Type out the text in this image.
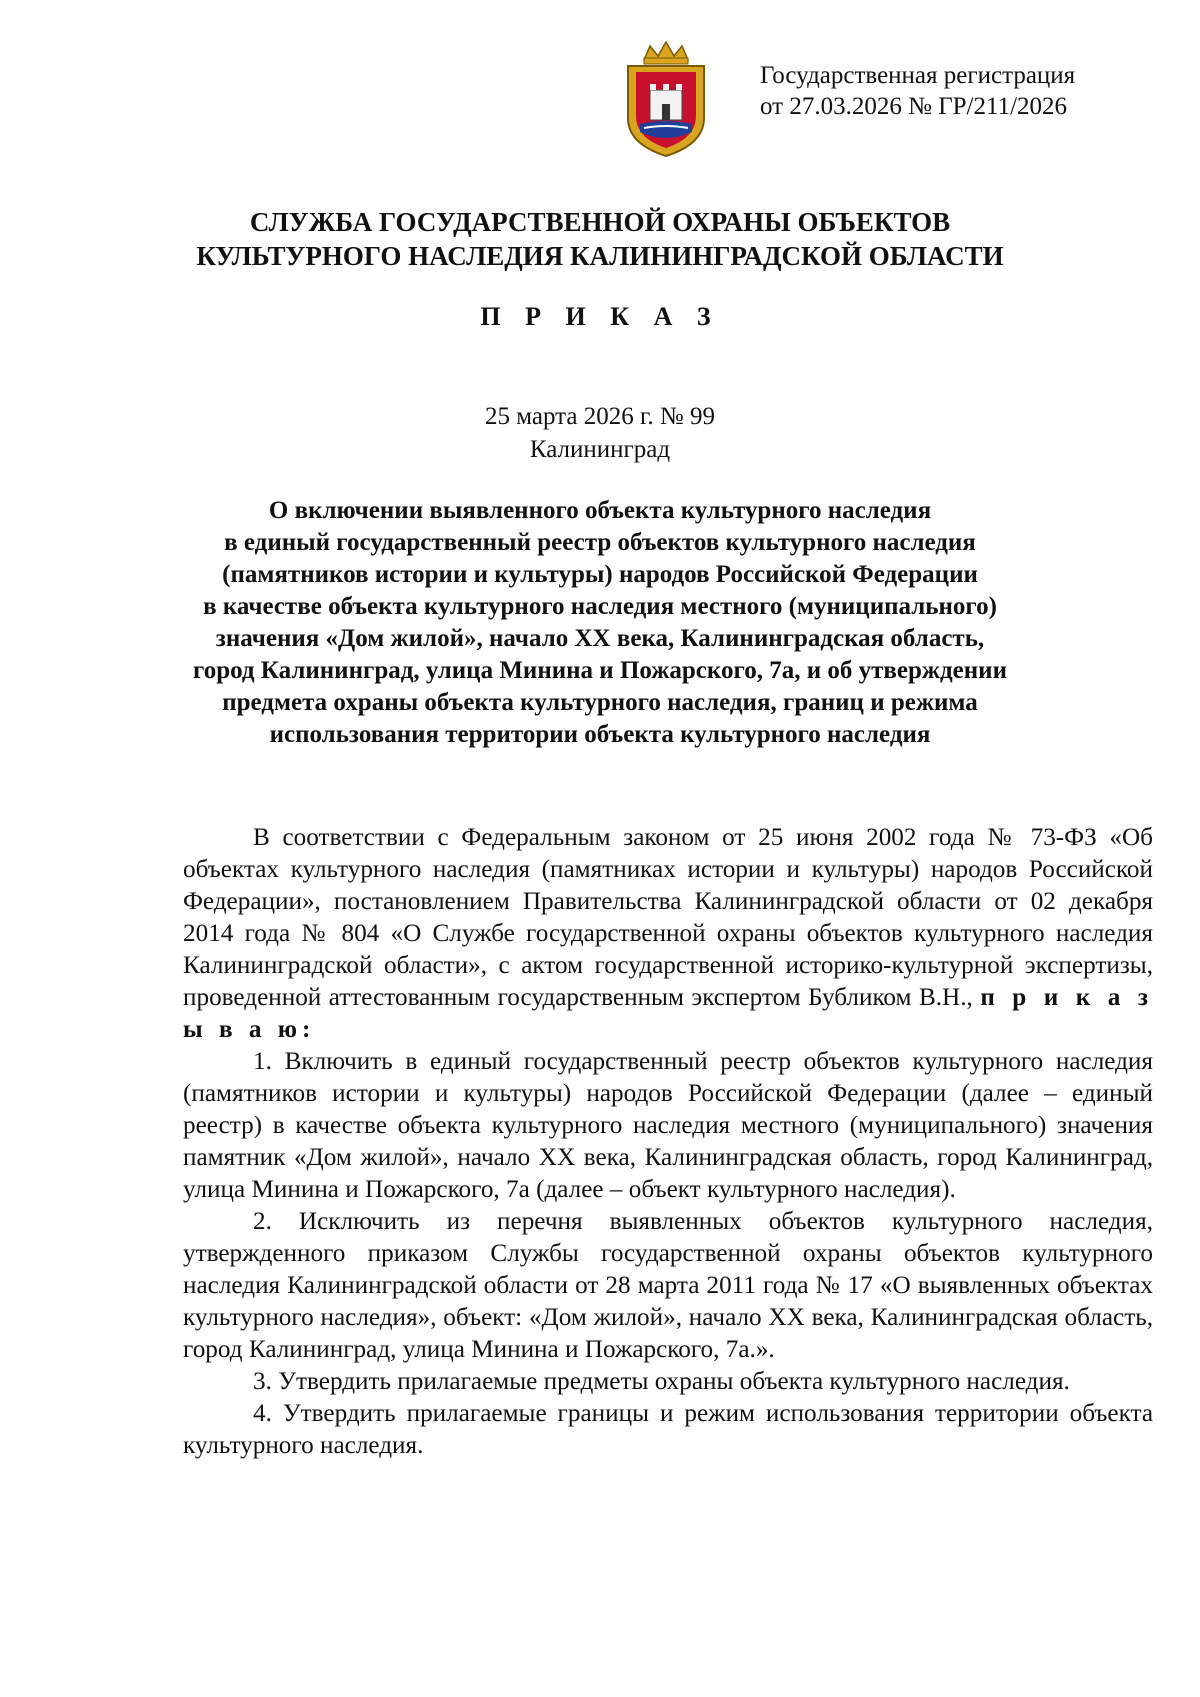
Государственная регистрация
от 27.03.2026 № ГР/211/2026
СЛУЖБА ГОСУДАРСТВЕННОЙ ОХРАНЫ ОБЪЕКТОВ
КУЛЬТУРНОГО НАСЛЕДИЯ КАЛИНИНГРАДСКОЙ ОБЛАСТИ
П Р И К А З
25 марта 2026 г. № 99
Калининград
О включении выявленного объекта культурного наследия
в единый государственный реестр объектов культурного наследия
(памятников истории и культуры) народов Российской Федерации
в качестве объекта культурного наследия местного (муниципального)
значения «Дом жилой», начало XX века, Калининградская область,
город Калининград, улица Минина и Пожарского, 7а, и об утверждении
предмета охраны объекта культурного наследия, границ и режима
использования территории объекта культурного наследия

В соответствии с Федеральным законом от 25 июня 2002 года № 73-ФЗ «Об объектах культурного наследия (памятниках истории и культуры) народов Российской Федерации», постановлением Правительства Калининградской области от 02 декабря 2014 года № 804 «О Службе государственной охраны объектов культурного наследия Калининградской области», с актом государственной историко-культурной экспертизы, проведенной аттестованным государственным экспертом Бубликом В.Н., п р и к а з ы в а ю:

1. Включить в единый государственный реестр объектов культурного наследия (памятников истории и культуры) народов Российской Федерации (далее – единый реестр) в качестве объекта культурного наследия местного (муниципального) значения памятник «Дом жилой», начало XX века, Калининградская область, город Калининград, улица Минина и Пожарского, 7а (далее – объект культурного наследия).

2. Исключить из перечня выявленных объектов культурного наследия, утвержденного приказом Службы государственной охраны объектов культурного наследия Калининградской области от 28 марта 2011 года № 17 «О выявленных объектах культурного наследия», объект: «Дом жилой», начало XX века, Калининградская область, город Калининград, улица Минина и Пожарского, 7а.».

3. Утвердить прилагаемые предметы охраны объекта культурного наследия.

4. Утвердить прилагаемые границы и режим использования территории объекта культурного наследия.
